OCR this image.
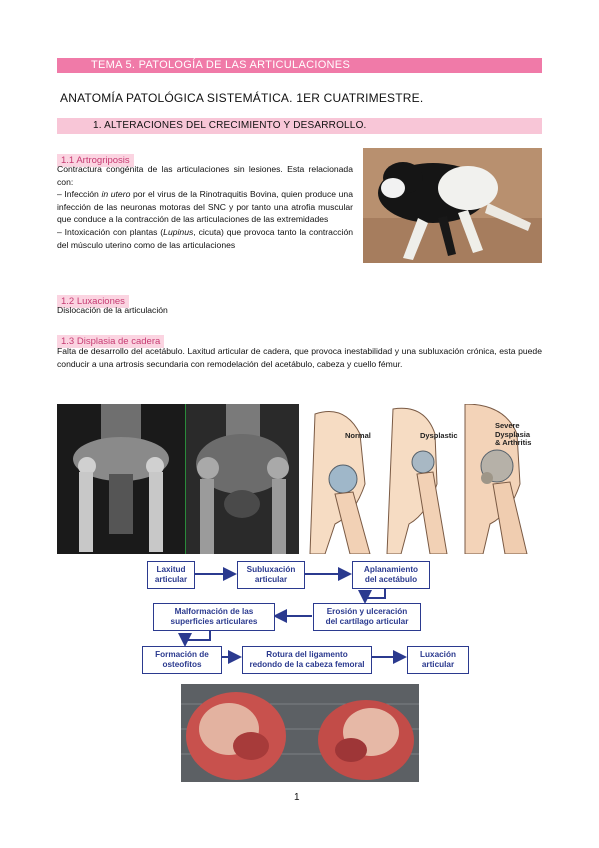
TEMA 5. PATOLOGÍA DE LAS ARTICULACIONES
ANATOMÍA PATOLÓGICA SISTEMÁTICA. 1ER CUATRIMESTRE.
1. ALTERACIONES DEL CRECIMIENTO Y DESARROLLO.
1.1 Artrogriposis
Contractura congénita de las articulaciones sin lesiones. Esta relacionada con:
– Infección in utero por el virus de la Rinotraquitis Bovina, quien produce una infección de las neuronas motoras del SNC y por tanto una atrofia muscular que conduce a la contracción de las articulaciones de las extremidades
– Intoxicación con plantas (Lupinus, cicuta) que provoca tanto la contracción del músculo uterino como de las articulaciones
1.2 Luxaciones
Dislocación de la articulación
1.3 Displasia de cadera
Falta de desarrollo del acetábulo. Laxitud articular de cadera, que provoca inestabilidad y una subluxación crónica, esta puede conducir a una artrosis secundaria con remodelación del acetábulo, cabeza y cuello fémur.
Normal	Dysplastic
Severe
Dysplasia
& Arthritis
Laxitud
articular
Subluxación
articular
Aplanamiento
del acetábulo
Erosión y ulceración
del cartílago articular
Malformación de las
superficies articulares
Formación de
osteofitos
Rotura del ligamento
redondo de la cabeza femoral
Luxación
articular
1
